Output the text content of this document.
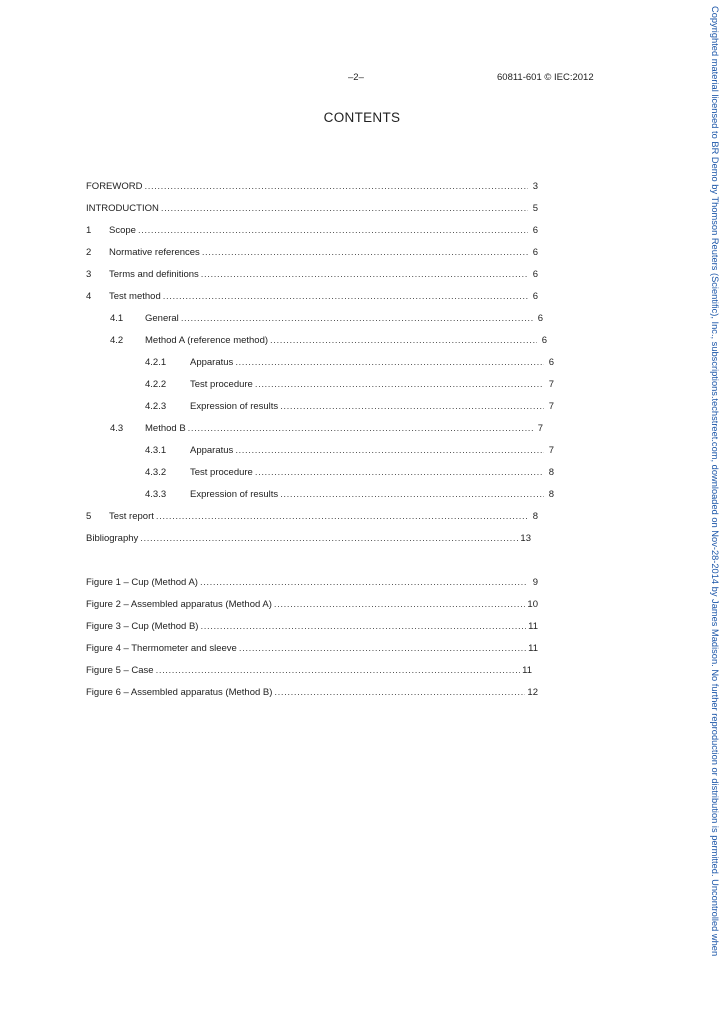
–2–	60811-601 © IEC:2012
CONTENTS
FOREWORD .....	3
INTRODUCTION .....	5
1	Scope .....	6
2	Normative references .....	6
3	Terms and definitions .....	6
4	Test method .....	6
4.1	General .....	6
4.2	Method A (reference method) .....	6
4.2.1	Apparatus .....	6
4.2.2	Test procedure .....	7
4.2.3	Expression of results .....	7
4.3	Method B .....	7
4.3.1	Apparatus .....	7
4.3.2	Test procedure .....	8
4.3.3	Expression of results .....	8
5	Test report .....	8
Bibliography .....	13
Figure 1 – Cup (Method A) .....	9
Figure 2 – Assembled apparatus (Method A) .....	10
Figure 3 – Cup (Method B) .....	11
Figure 4 – Thermometer and sleeve .....	11
Figure 5 – Case .....	11
Figure 6 – Assembled apparatus (Method B) .....	12	Copyrighted material licensed to BR Demo by Thomson Reuters (Scientific), Inc., subscriptions.techstreet.com, downloaded on Nov-28-2014 by James Madison. No further reproduction or distribution is permitted. Uncontrolled when
